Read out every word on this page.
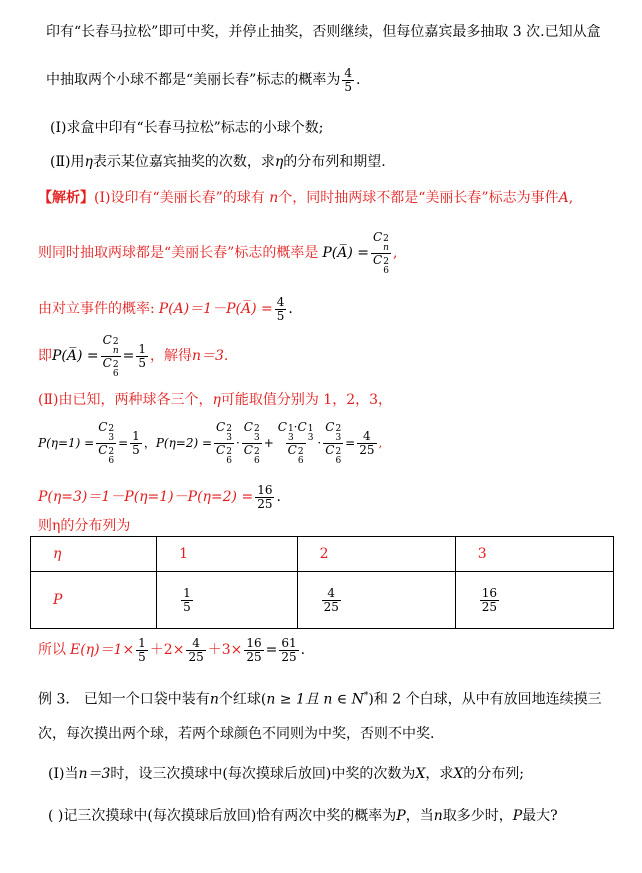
印有“长春马拉松”即可中奖，并停止抽奖，否则继续，但每位嘉宾最多抽取 3 次.已知从盒
中抽取两个小球不都是“美丽长春”标志的概率为 $\frac{4}{5}$ .
(Ⅰ)求盒中印有“长春马拉松”标志的小球个数;
(Ⅱ)用η表示某位嘉宾抽奖的次数，求η的分布列和期望.
【解析】(Ⅰ)设印有“美丽长春”的球有 n个，同时抽两球不都是“美丽长春”标志为事件A,
则同时抽取两球都是“美丽长春”标志的概率是 P(A̅) = C 2
n
C 2
6 ,
由对立事件的概率: P(A)＝1－P(A̅) = $\frac{4}{5}$ .
即 P(A̅) = C 2
n
C 2
$6 = \frac{1}{5}$ ，解得 n＝3.
(Ⅱ)由已知，两种球各三个，η可能取值分别为 1，2，3，
P(η=1) = C 2
3
C 2
$6 = \frac{1}{5}$ ， P(η=2) = C 2
3
C 2
6 · C 2
3
C 2
6 + C 1
3
·C 1
3
C 2
6 · C 2
3
C 2
$6 = \frac{4}{25}$ ,
$P(\eta=3)=1-P(\eta=1)-P(\eta=2) = \frac{16}{25}$ .
则η的分布列为
η	1	2	3
P	$\frac{1}{5}$	$\frac{4}{25}$	$\frac{16}{25}$
所以 $E(\eta)=1\times \frac{1}{5} +2\times \frac{4}{25} +3\times \frac{16}{25} = \frac{61}{25}$ .
例 3． 已知一个口袋中装有n个红球(n ≥ 1且 n ∈ N*)和 2 个白球，从中有放回地连续摸三
次，每次摸出两个球，若两个球颜色不同则为中奖，否则不中奖.
(Ⅰ)当n＝3时，设三次摸球中(每次摸球后放回)中奖的次数为X，求X的分布列;
( )记三次摸球中(每次摸球后放回)恰有两次中奖的概率为P，当n取多少时，P最大?
